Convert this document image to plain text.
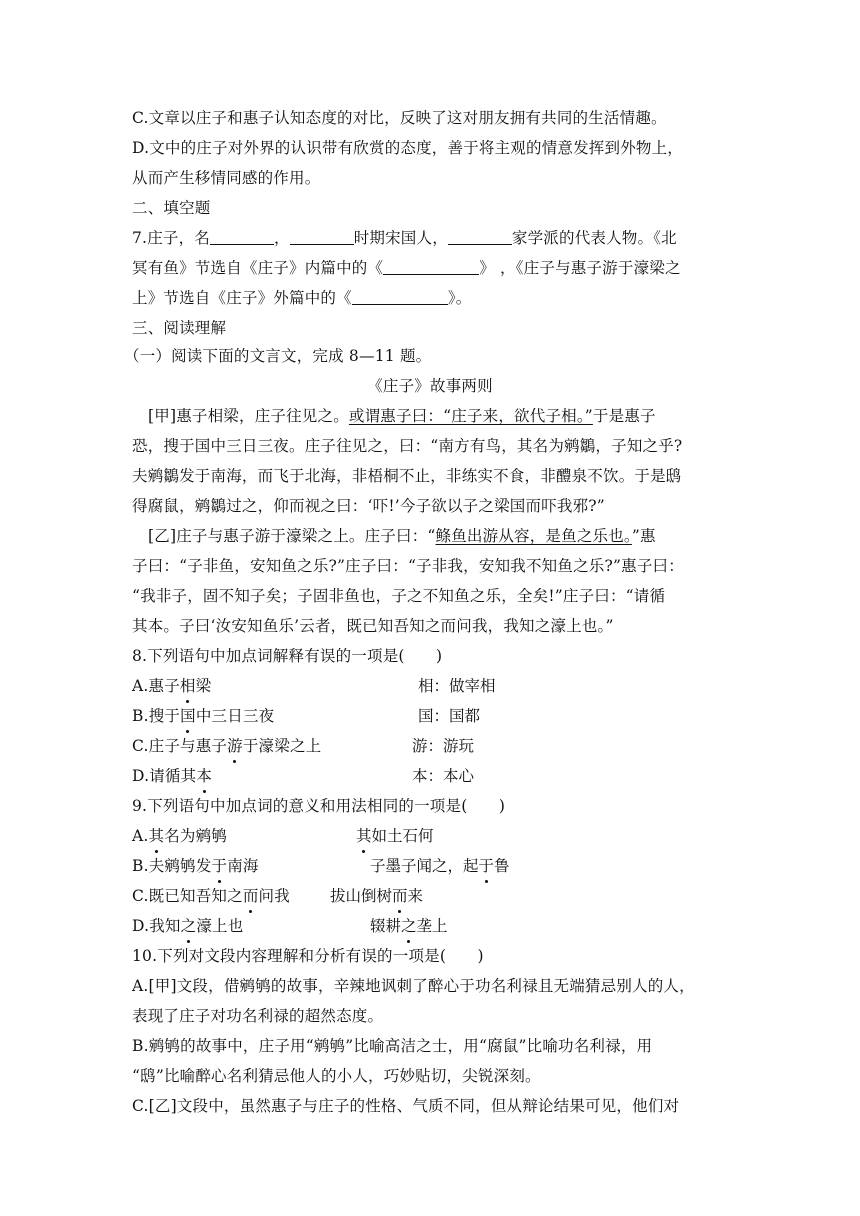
C.文章以庄子和惠子认知态度的对比，反映了这对朋友拥有共同的生活情趣。
D.文中的庄子对外界的认识带有欣赏的态度，善于将主观的情意发挥到外物上，
从而产生移情同感的作用。
二、填空题
7.庄子，名	，	时期宋国人，	家学派的代表人物。《北
冥有鱼》节选自《庄子》内篇中的《	》 ，《庄子与惠子游于濠梁之
上》节选自《庄子》外篇中的《	》。
三、阅读理解
（一）阅读下面的文言文，完成 8—11 题。
《庄子》故事两则
[甲]惠子相梁，庄子往见之。或谓惠子曰：“庄子来，欲代子相。”于是惠子
恐，搜于国中三日三夜。庄子往见之，曰：“南方有鸟，其名为鹓鶵，子知之乎?
夫鹓鶵发于南海，而飞于北海，非梧桐不止，非练实不食，非醴泉不饮。于是鸱
得腐鼠，鹓鶵过之，仰而视之曰：‘吓!’今子欲以子之梁国而吓我邪?”
[乙]庄子与惠子游于濠梁之上。庄子曰：“鲦鱼出游从容，是鱼之乐也。”惠
子曰：“子非鱼，安知鱼之乐?”庄子曰：“子非我，安知我不知鱼之乐?”惠子曰：
“我非子，固不知子矣；子固非鱼也，子之不知鱼之乐，全矣!”庄子曰：“请循
其本。子曰‘汝安知鱼乐’云者，既已知吾知之而问我，我知之濠上也。”
8.下列语句中加点词解释有误的一项是(　　)
A.惠子相梁	相：做宰相
B.搜于国中三日三夜	国：国都
C.庄子与惠子游于濠梁之上	游：游玩
D.请循其本	本：本心
9.下列语句中加点词的意义和用法相同的一项是(　　)
A.其名为鹓鸲	其如土石何
B.夫鹓鸲发于南海	子墨子闻之，起于鲁
C.既已知吾知之而问我	拔山倒树而来
D.我知之濠上也	辍耕之垄上
10.下列对文段内容理解和分析有误的一项是(　　)
A.[甲]文段，借鹓鸲的故事，辛辣地讽刺了醉心于功名利禄且无端猜忌别人的人，
表现了庄子对功名利禄的超然态度。
B.鹓鸲的故事中，庄子用“鹓鸲”比喻高洁之士，用“腐鼠”比喻功名利禄，用
“鸱”比喻醉心名利猜忌他人的小人，巧妙贴切，尖锐深刻。
C.[乙]文段中，虽然惠子与庄子的性格、气质不同，但从辩论结果可见，他们对
